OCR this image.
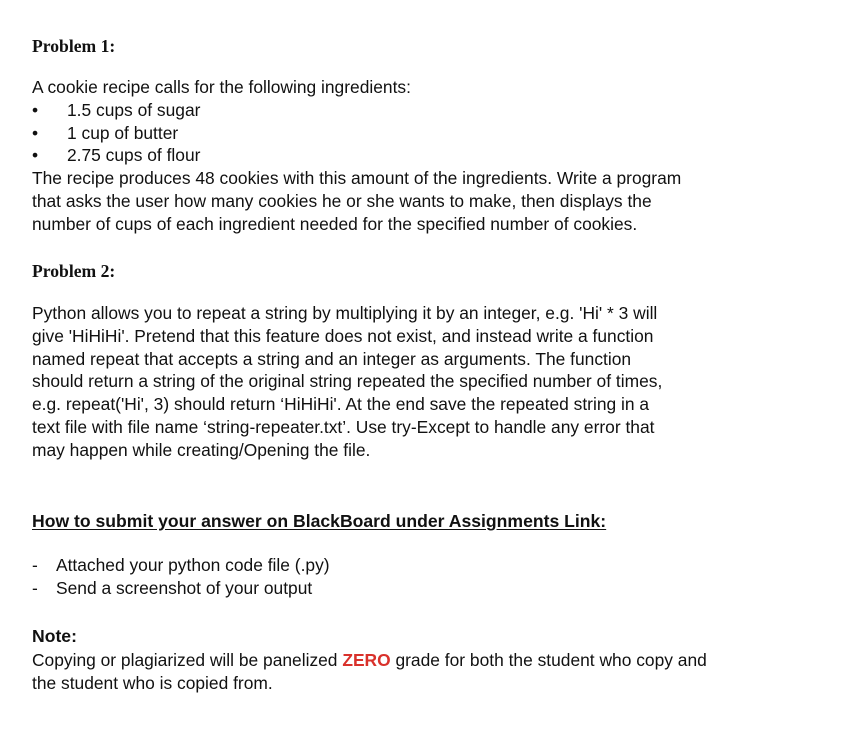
Problem 1:
A cookie recipe calls for the following ingredients:
•	1.5 cups of sugar
•	1 cup of butter
•	2.75 cups of flour
The recipe produces 48 cookies with this amount of the ingredients. Write a program
that asks the user how many cookies he or she wants to make, then displays the
number of cups of each ingredient needed for the specified number of cookies.
Problem 2:
Python allows you to repeat a string by multiplying it by an integer, e.g. 'Hi' * 3 will
give 'HiHiHi'. Pretend that this feature does not exist, and instead write a function
named repeat that accepts a string and an integer as arguments. The function
should return a string of the original string repeated the specified number of times,
e.g. repeat('Hi', 3) should return ‘HiHiHi'. At the end save the repeated string in a
text file with file name ‘string-repeater.txt’. Use try-Except to handle any error that
may happen while creating/Opening the file.
How to submit your answer on BlackBoard under Assignments Link:
- Attached your python code file (.py)
- Send a screenshot of your output
Note:
Copying or plagiarized will be panelized ZERO grade for both the student who copy and
the student who is copied from.
